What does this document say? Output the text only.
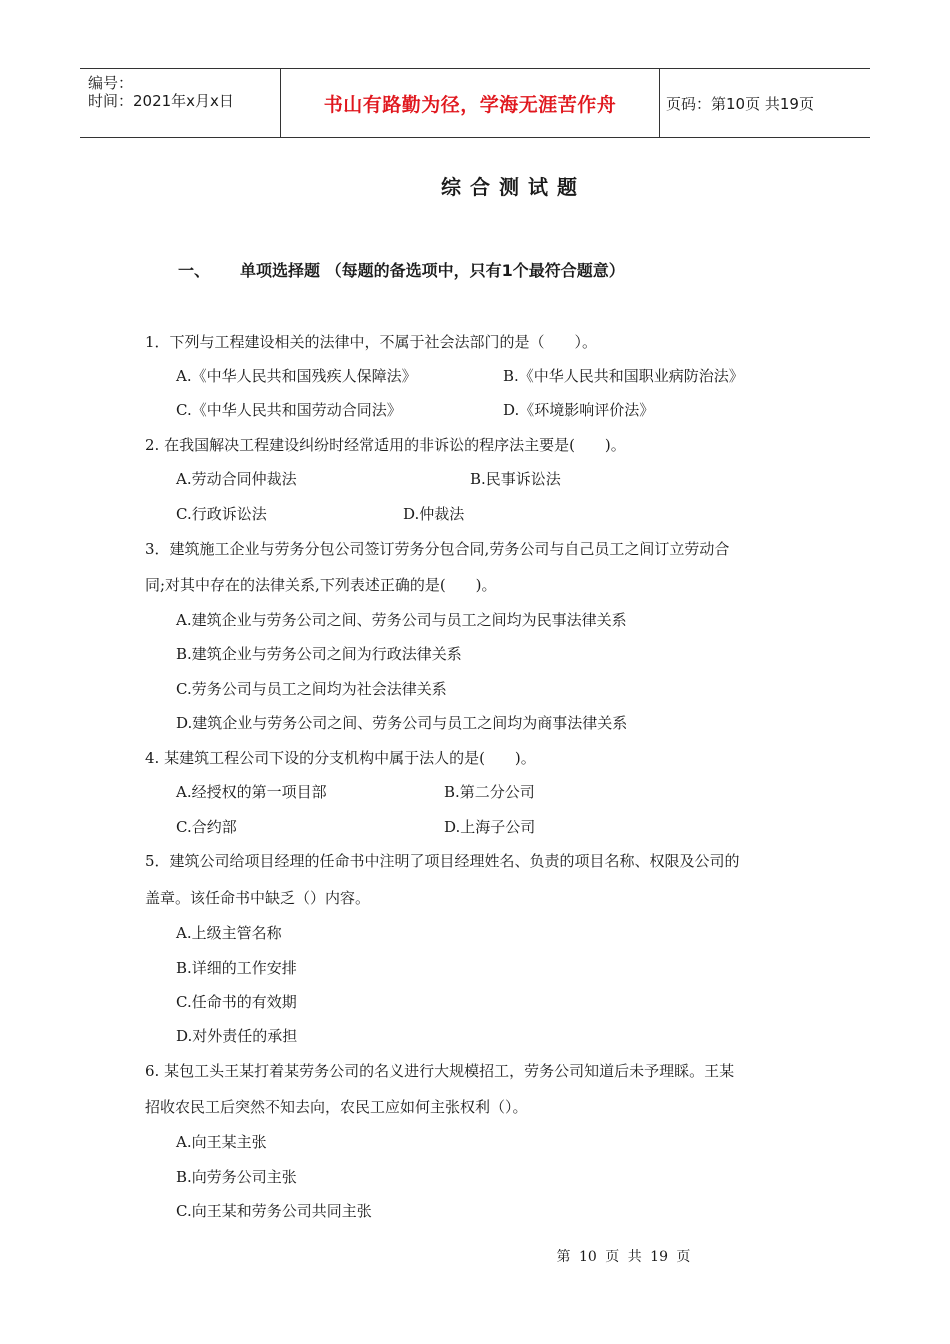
编号：
时间：2021年x月x日	书山有路勤为径，学海无涯苦作舟	页码：第10页 共19页
综合测试题
一、 单项选择题 （每题的备选项中，只有1个最符合题意）
1．下列与工程建设相关的法律中，不属于社会法部门的是（　　）。
A.《中华人民共和国残疾人保障法》	B.《中华人民共和国职业病防治法》
C.《中华人民共和国劳动合同法》	D.《环境影响评价法》
2. 在我国解决工程建设纠纷时经常适用的非诉讼的程序法主要是(　　)。
A.劳动合同仲裁法	B.民事诉讼法
C.行政诉讼法	D.仲裁法
3．建筑施工企业与劳务分包公司签订劳务分包合同,劳务公司与自己员工之间订立劳动合
同;对其中存在的法律关系,下列表述正确的是(　　)。
A.建筑企业与劳务公司之间、劳务公司与员工之间均为民事法律关系
B.建筑企业与劳务公司之间为行政法律关系
C.劳务公司与员工之间均为社会法律关系
D.建筑企业与劳务公司之间、劳务公司与员工之间均为商事法律关系
4. 某建筑工程公司下设的分支机构中属于法人的是(　　)。
A.经授权的第一项目部	B.第二分公司
C.合约部	D.上海子公司
5．建筑公司给项目经理的任命书中注明了项目经理姓名、负责的项目名称、权限及公司的
盖章。该任命书中缺乏（）内容。
A.上级主管名称
B.详细的工作安排
C.任命书的有效期
D.对外责任的承担
6. 某包工头王某打着某劳务公司的名义进行大规模招工，劳务公司知道后未予理睬。王某
招收农民工后突然不知去向，农民工应如何主张权利（）。
A.向王某主张
B.向劳务公司主张
C.向王某和劳务公司共同主张
第 10 页 共 19 页
